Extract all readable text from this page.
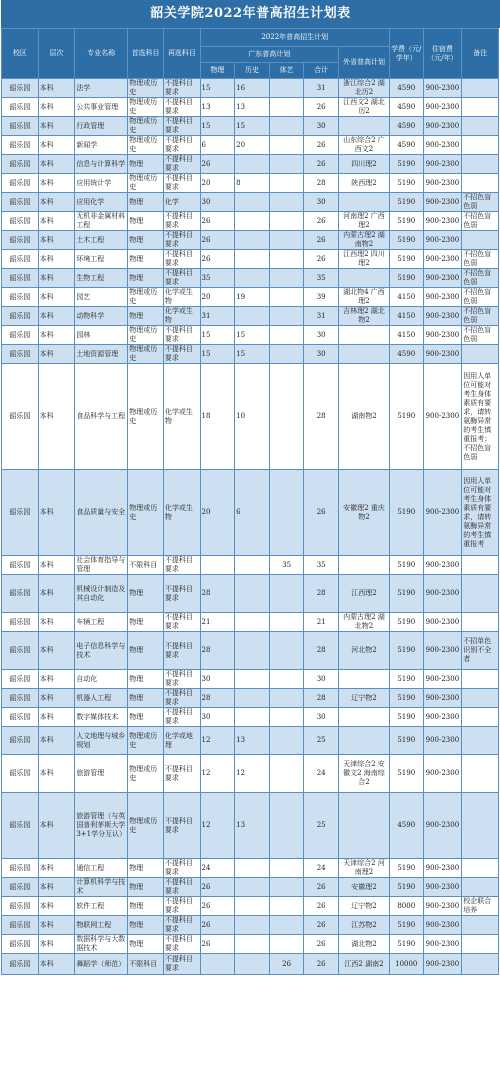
韶关学院2022年普高招生计划表
校区	层次	专业名称	首选科目	再选科目	2022年普高招生计划					学费（元/学年）	住宿费（元/年）	备注
					广东普高计划				外省普高计划			
					物理	历史	体艺	合计				
韶乐园	本科	法学	物理或历史	不提科目要求	15	16		31	浙江综合2 湖北历2	4590	900-2300	
韶乐园	本科	公共事业管理	物理或历史	不提科目要求	13	13		26	江西文2 湖北历2	4590	900-2300	
韶乐园	本科	行政管理	物理或历史	不提科目要求	15	15		30		4590	900-2300	
韶乐园	本科	新闻学	物理或历史	不提科目要求	6	20		26	山东综合2 广西文2	4590	900-2300	
韶乐园	本科	信息与计算科学	物理	不提科目要求	26			26	四川理2	5190	900-2300	
韶乐园	本科	应用统计学	物理或历史	不提科目要求	20	8		28	陕西理2	5190	900-2300	
韶乐园	本科	应用化学	物理	化学	30			30		5190	900-2300	不招色盲色弱
韶乐园	本科	无机非金属材料工程	物理	不提科目要求	26			26	河南理2 广西理2	5190	900-2300	不招色盲色弱
韶乐园	本科	土木工程	物理	不提科目要求	26			26	内蒙古理2 湖南物2	5190	900-2300	
韶乐园	本科	环境工程	物理	不提科目要求	26			26	江西理2 四川理2	5190	900-2300	不招色盲色弱
韶乐园	本科	生物工程	物理	不提科目要求	35			35		5190	900-2300	不招色盲色弱
韶乐园	本科	园艺	物理或历史	化学或生物	20	19		39	湖北物4 广西理2	4150	900-2300	不招色盲色弱
韶乐园	本科	动物科学	物理	化学或生物	31			31	吉林理2 湖北物2	4150	900-2300	不招色盲色弱
韶乐园	本科	园林	物理或历史	不提科目要求	15	15		30		4150	900-2300	不招色盲色弱
韶乐园	本科	土地资源管理	物理或历史	不提科目要求	15	15		30		4590	900-2300	
韶乐园	本科	食品科学与工程	物理或历史	化学或生物	18	10		28	湖南物2	5190	900-2300	因用人单位可能对考生身体素质有要求，请转氨酶异常的考生慎重报考；不招色盲色弱
韶乐园	本科	食品质量与安全	物理或历史	化学或生物	20	6		26	安徽理2 重庆物2	5190	900-2300	因用人单位可能对考生身体素质有要求，请转氨酶异常的考生慎重报考
韶乐园	本科	社会体育指导与管理	不限科目	不提科目要求			35	35		5190	900-2300	
韶乐园	本科	机械设计制造及其自动化	物理	不提科目要求	28			28	江西理2	5190	900-2300	
韶乐园	本科	车辆工程	物理	不提科目要求	21			21	内蒙古理2 湖北物2	5190	900-2300	
韶乐园	本科	电子信息科学与技术	物理	不提科目要求	28			28	河北物2	5190	900-2300	不招单色识别不全者
韶乐园	本科	自动化	物理	不提科目要求	30			30		5190	900-2300	
韶乐园	本科	机器人工程	物理	不提科目要求	28			28	辽宁物2	5190	900-2300	
韶乐园	本科	数字媒体技术	物理	不提科目要求	30			30		5190	900-2300	
韶乐园	本科	人文地理与城乡规划	物理或历史	化学或地理	12	13		25		5190	900-2300	
韶乐园	本科	旅游管理	物理或历史	不提科目要求	12	12		24	天津综合2 安徽文2 海南综合2	5190	900-2300	
韶乐园	本科	旅游管理（与英国普利茅斯大学3+1学分互认）	物理或历史	不提科目要求	12	13		25		4590	900-2300	
韶乐园	本科	通信工程	物理	不提科目要求	24			24	天津综合2 河南理2	5190	900-2300	
韶乐园	本科	计算机科学与技术	物理	不提科目要求	26			26	安徽理2	5190	900-2300	
韶乐园	本科	软件工程	物理	不提科目要求	26			26	辽宁物2	8000	900-2300	校企联合培养
韶乐园	本科	物联网工程	物理	不提科目要求	26			26	江苏物2	5190	900-2300	
韶乐园	本科	数据科学与大数据技术	物理	不提科目要求	26			26	湖北物2	5190	900-2300	
韶乐园	本科	舞蹈学（师范）	不限科目	不提科目要求			26	26	江西2 湖南2	10000	900-2300	
